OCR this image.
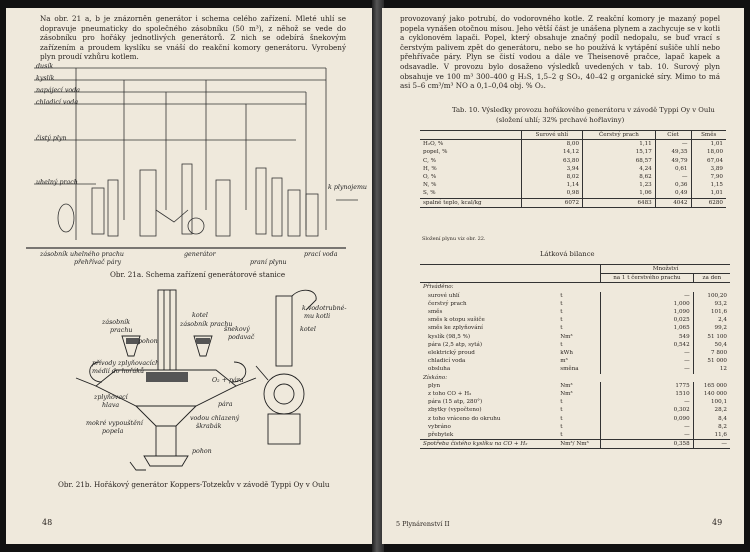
Na obr. 21 a, b je znázorněn generátor i schema celého zařízení. Mleté uhlí se dopravuje pneumaticky do společného zásobníku (50 m³), z něhož se vede do zásobníku pro hořáky jednotlivých generátorů. Z nich se odebírá šnekovým zařízením a proudem kyslíku se vnáší do reakční komory generátoru. Vyrobený plyn proudí vzhůru kotlem.

dusík
kyslík
napájecí voda
chladicí voda
čistý plyn
uhelný prach
k plynojemu
zásobník uhelného prachu
přehřívač páry
generátor
praní plynu
prací voda
Obr. 21a. Schema zařízení generátorové stanice
kotel
zásobník prachu
zásobník
prachu
pohon
šnekový
podavač
přívody zplyňovacích
médií do hořáků
zplyňovací
hlava
O₂ + pára
pára
mokré vypouštění
popela
vodou chlazený
škrabák
pohon
k vodotrubné-
mu kotli
kotel
Obr. 21b. Hořákový generátor Koppers-Totzekův v závodě Typpi Oy v Oulu
48

provozovaný jako potrubí, do vodorovného kotle. Z reakční komory je mazaný popel popela vynášen otočnou mísou. Jeho větší část je unášena plynem a zachycuje se v kotli a cyklonovém lapači. Popel, který obsahuje značný podíl nedopalu, se buď vrací s čerstvým palivem zpět do generátoru, nebo se ho používá k vytápění sušiče uhlí nebo přehřívače páry. Plyn se čistí vodou a dále ve Theisenově pračce, lapač kapek a odsavadle. V provozu bylo dosaženo výsledků uvedených v tab. 10. Surový plyn obsahuje ve 100 m³ 300–400 g H₂S, 1,5–2 g SO₂, 40–42 g organické síry. Mimo to má asi 5–6 cm³/m³ NO a 0,1–0,04 obj. % O₂.

Tab. 10. Výsledky provozu hořákového generátoru v závodě Typpi Oy v Oulu
(složení uhlí; 32% prchavé hořlaviny)
	Surové uhlí	Čerstvý prach	Cíet	Směs
H₂O, %	8,00	1,11	—	1,01
popel, %	14,12	15,17	49,35	18,00
C, %	63,80	68,57	49,79	67,04
H, %	3,94	4,24	0,61	3,89
O, %	8,02	8,62	—	7,90
N, %	1,14	1,23	0,36	1,15
S, %	0,98	1,06	0,49	1,01
spalné teplo, kcal/kg	6072	6483	4042	6280
Složení plynu viz obr. 22.
Látková bilance
		Množství	
		na 1 t čerstvého prachu	za den
Přiváděno:			
surové uhlí	t	—	100,20
čerstvý prach	t	1,000	93,2
směs	t	1,090	101,6
směs k otopu sušiče	t	0,025	2,4
směs ke zplyňování	t	1,065	99,2
kyslík (98,5 %)	Nm³	549	51 100
pára (2,5 atp, sytá)	t	0,542	50,4
elektrický proud	kWh	—	7 800
chladicí voda	m³	—	51 000
obsluha	směna	—	12
Získáno:			
plyn	Nm³	1775	165 000
z toho CO + H₂	Nm³	1510	140 000
pára (15 atp, 280°)	t	—	100,1
zbytky (vypočteno)	t	0,302	28,2
z toho vráceno do okruhu	t	0,090	8,4
vybráno	t	—	8,2
přebytek	t	—	11,6
Spotřeba čistého kyslíku na CO + H₂	Nm³/ Nm³	0,358	—
5 Plynárenství II	49
